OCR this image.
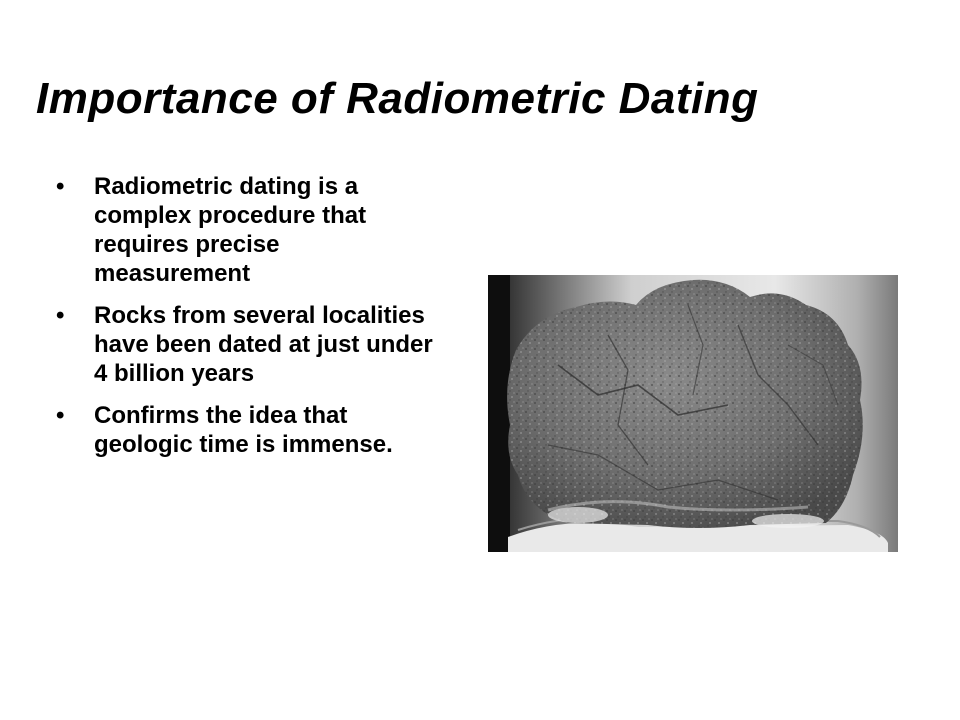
Importance of Radiometric Dating
• Radiometric dating is a complex procedure that requires precise measurement
• Rocks from several localities have been dated at just under 4 billion years
• Confirms the idea that geologic time is immense.
